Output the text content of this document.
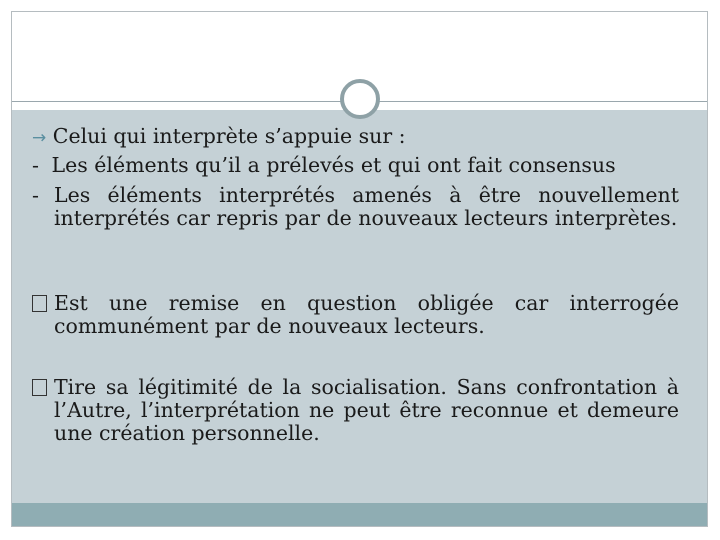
→ Celui qui interprète s’appuie sur :
- Les éléments qu’il a prélevés et qui ont fait consensus
- Les éléments interprétés amenés à être nouvellement interprétés car repris par de nouveaux lecteurs interprètes.
Est une remise en question obligée car interrogée communément par de nouveaux lecteurs.
Tire sa légitimité de la socialisation. Sans confrontation à l’Autre, l’interprétation ne peut être reconnue et demeure une création personnelle.
